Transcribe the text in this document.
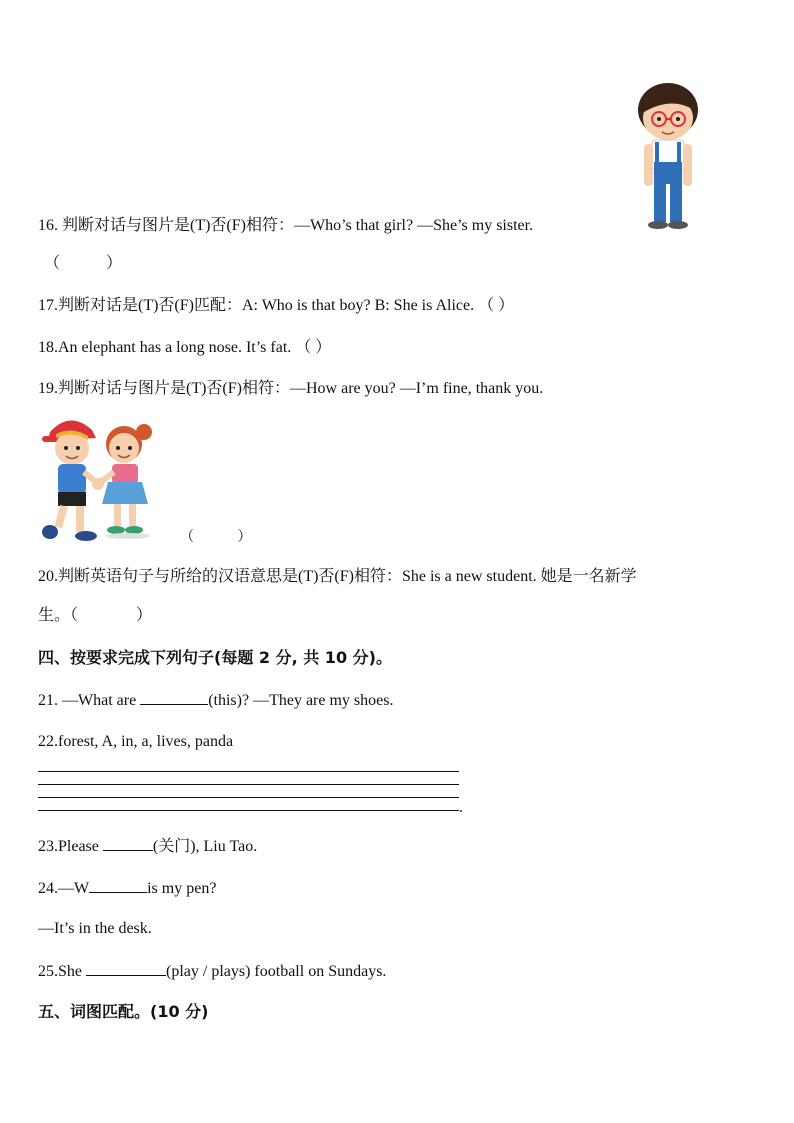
16. 判断对话与图片是(T)否(F)相符：—Who’s that girl? —She’s my sister.
（ ）
17.判断对话是(T)否(F)匹配：A: Who is that boy? B: She is Alice. （ ）
18.An elephant has a long nose. It’s fat. （ ）
19.判断对话与图片是(T)否(F)相符：—How are you? —I’m fine, thank you.
（ ）
20.判断英语句子与所给的汉语意思是(T)否(F)相符：She is a new student. 她是一名新学
生。（ ）
四、按要求完成下列句子(每题 2 分, 共 10 分)。
21. —What are	(this)? —They are my shoes.
22.forest, A, in, a, lives, panda
.
23.Please	(关门), Liu Tao.
24.—W	is my pen?
—It’s in the desk.
25.She	(play / plays) football on Sundays.
五、词图匹配。(10 分)
